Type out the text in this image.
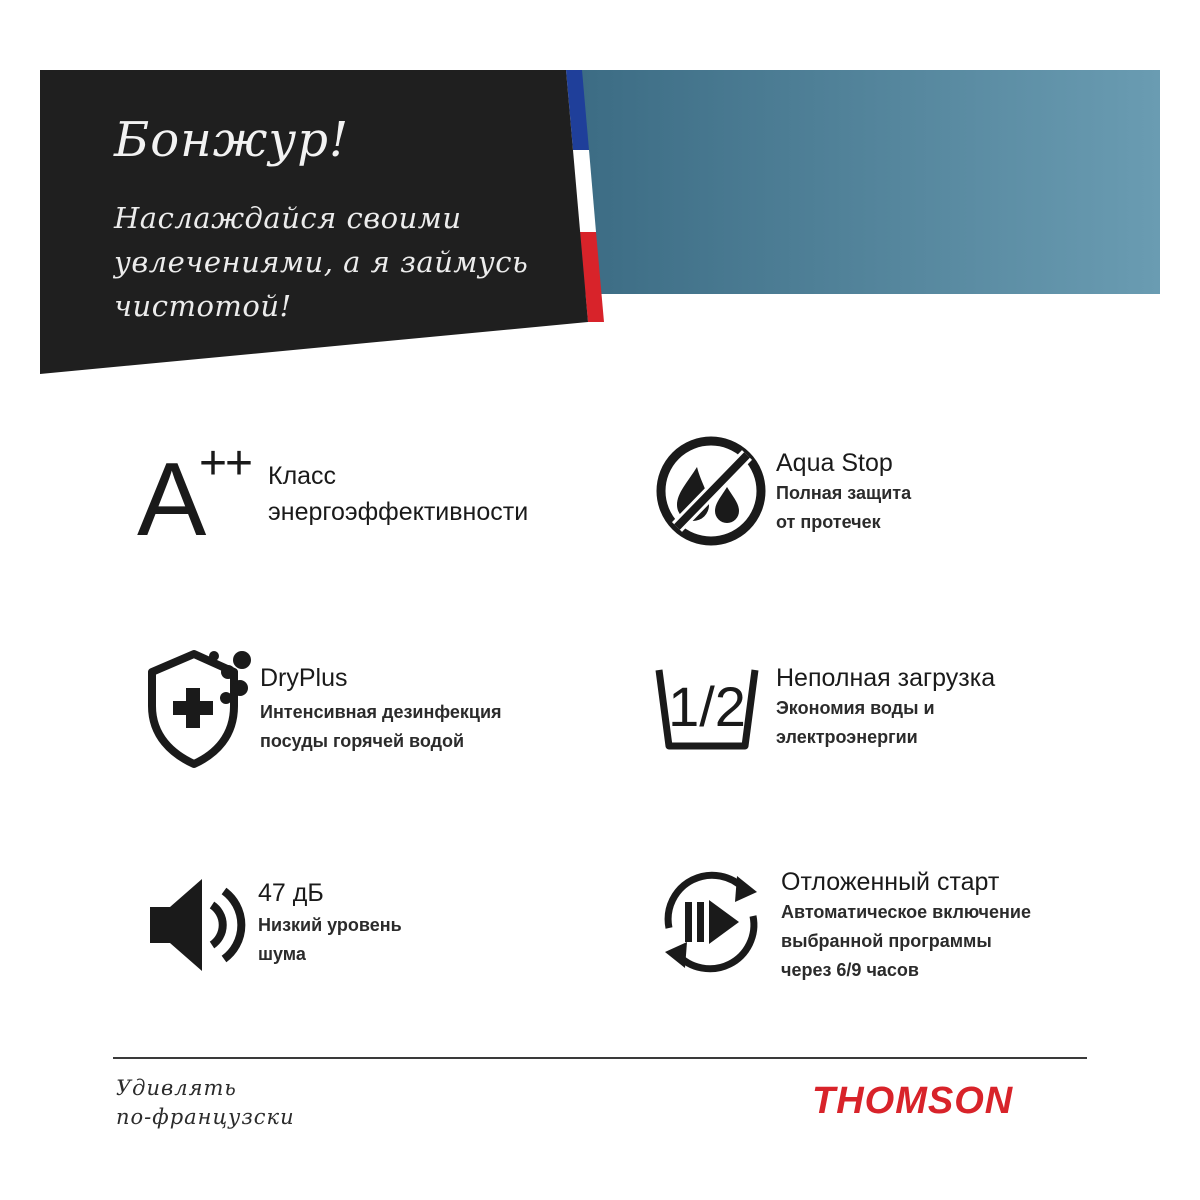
Бонжур!
Наслаждайся своими увлечениями, а я займусь чистотой!
A
++ Класс
энергоэффективности
Aqua Stop
Полная защита
от протечек
DryPlus
Интенсивная дезинфекция
посуды горячей водой
1/2 Неполная загрузка
Экономия воды и
электроэнергии
47 дБ
Низкий уровень
шума
Отложенный старт
Автоматическое включение
выбранной программы
через 6/9 часов
Удивлять
по-французски	THOMSON
